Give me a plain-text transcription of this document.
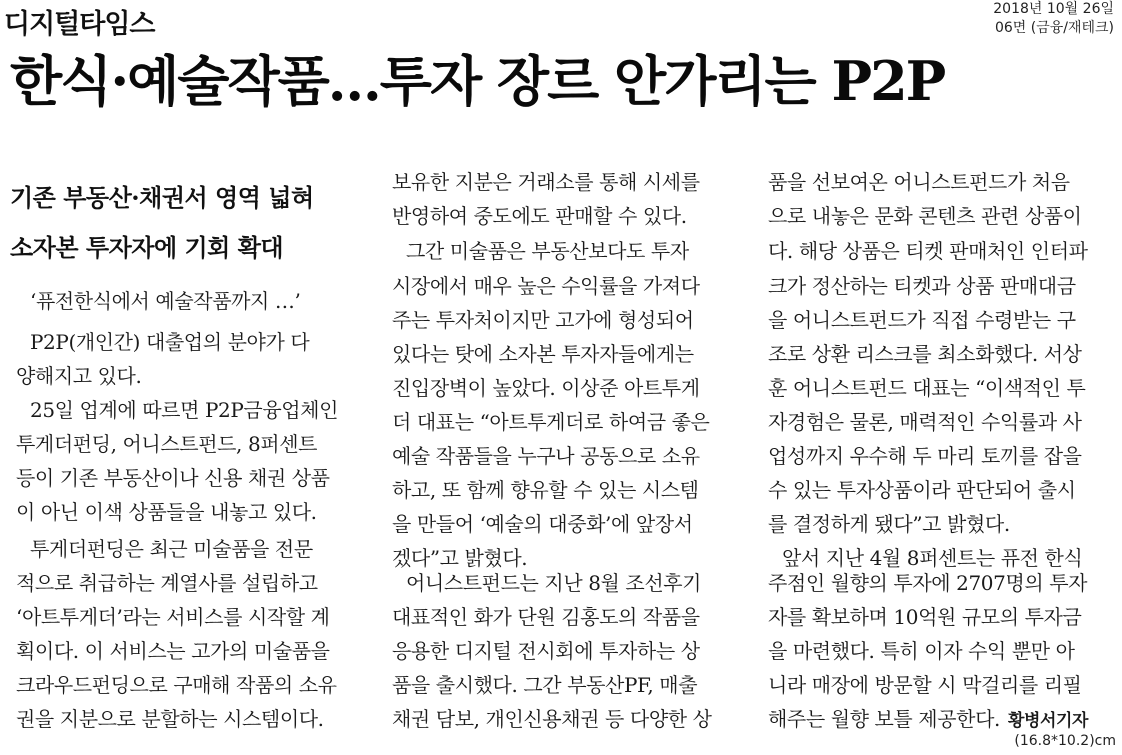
디지털타임스	2018년 10월 26일
06면 (금융/재테크)
한식·예술작품…투자 장르 안가리는 P2P
기존 부동산·채권서 영역 넓혀
소자본 투자자에 기회 확대
‘퓨전한식에서 예술작품까지 …’
P2P(개인간) 대출업의 분야가 다
양해지고 있다.
25일 업계에 따르면 P2P금융업체인
투게더펀딩, 어니스트펀드, 8퍼센트
등이 기존 부동산이나 신용 채권 상품
이 아닌 이색 상품들을 내놓고 있다.
투게더펀딩은 최근 미술품을 전문
적으로 취급하는 계열사를 설립하고
‘아트투게더’라는 서비스를 시작할 계
획이다. 이 서비스는 고가의 미술품을
크라우드펀딩으로 구매해 작품의 소유
권을 지분으로 분할하는 시스템이다.
보유한 지분은 거래소를 통해 시세를
반영하여 중도에도 판매할 수 있다.
그간 미술품은 부동산보다도 투자
시장에서 매우 높은 수익률을 가져다
주는 투자처이지만 고가에 형성되어
있다는 탓에 소자본 투자자들에게는
진입장벽이 높았다. 이상준 아트투게
더 대표는 “아트투게더로 하여금 좋은
예술 작품들을 누구나 공동으로 소유
하고, 또 함께 향유할 수 있는 시스템
을 만들어 ‘예술의 대중화’에 앞장서
겠다”고 밝혔다.
어니스트펀드는 지난 8월 조선후기
대표적인 화가 단원 김홍도의 작품을
응용한 디지털 전시회에 투자하는 상
품을 출시했다. 그간 부동산PF, 매출
채권 담보, 개인신용채권 등 다양한 상
품을 선보여온 어니스트펀드가 처음
으로 내놓은 문화 콘텐츠 관련 상품이
다. 해당 상품은 티켓 판매처인 인터파
크가 정산하는 티켓과 상품 판매대금
을 어니스트펀드가 직접 수령받는 구
조로 상환 리스크를 최소화했다. 서상
훈 어니스트펀드 대표는 “이색적인 투
자경험은 물론, 매력적인 수익률과 사
업성까지 우수해 두 마리 토끼를 잡을
수 있는 투자상품이라 판단되어 출시
를 결정하게 됐다”고 밝혔다.
앞서 지난 4월 8퍼센트는 퓨전 한식
주점인 월향의 투자에 2707명의 투자
자를 확보하며 10억원 규모의 투자금
을 마련했다. 특히 이자 수익 뿐만 아
니라 매장에 방문할 시 막걸리를 리필
해주는 월향 보틀 제공한다. 황병서기자
(16.8*10.2)cm
